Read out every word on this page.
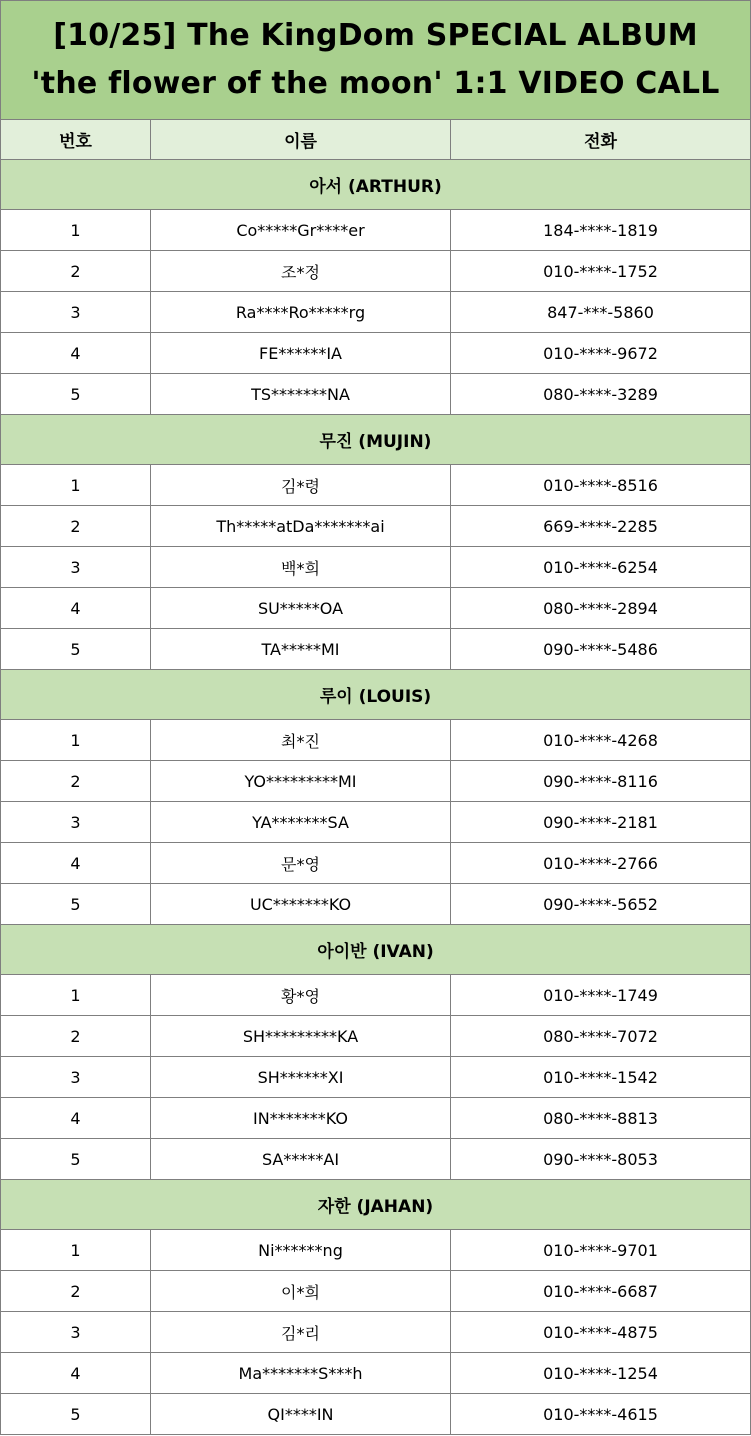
[10/25] The KingDom SPECIAL ALBUM
'the flower of the moon' 1:1 VIDEO CALL
번호	이름	전화
아서 (ARTHUR)
1	Co*****Gr****er	184-****-1819
2	조*정	010-****-1752
3	Ra****Ro*****rg	847-***-5860
4	FE******IA	010-****-9672
5	TS*******NA	080-****-3289
무진 (MUJIN)
1	김*령	010-****-8516
2	Th*****atDa*******ai	669-****-2285
3	백*희	010-****-6254
4	SU*****OA	080-****-2894
5	TA*****MI	090-****-5486
루이 (LOUIS)
1	최*진	010-****-4268
2	YO*********MI	090-****-8116
3	YA*******SA	090-****-2181
4	문*영	010-****-2766
5	UC*******KO	090-****-5652
아이반 (IVAN)
1	황*영	010-****-1749
2	SH*********KA	080-****-7072
3	SH******XI	010-****-1542
4	IN*******KO	080-****-8813
5	SA*****AI	090-****-8053
자한 (JAHAN)
1	Ni******ng	010-****-9701
2	이*희	010-****-6687
3	김*리	010-****-4875
4	Ma*******S***h	010-****-1254
5	QI****IN	010-****-4615
